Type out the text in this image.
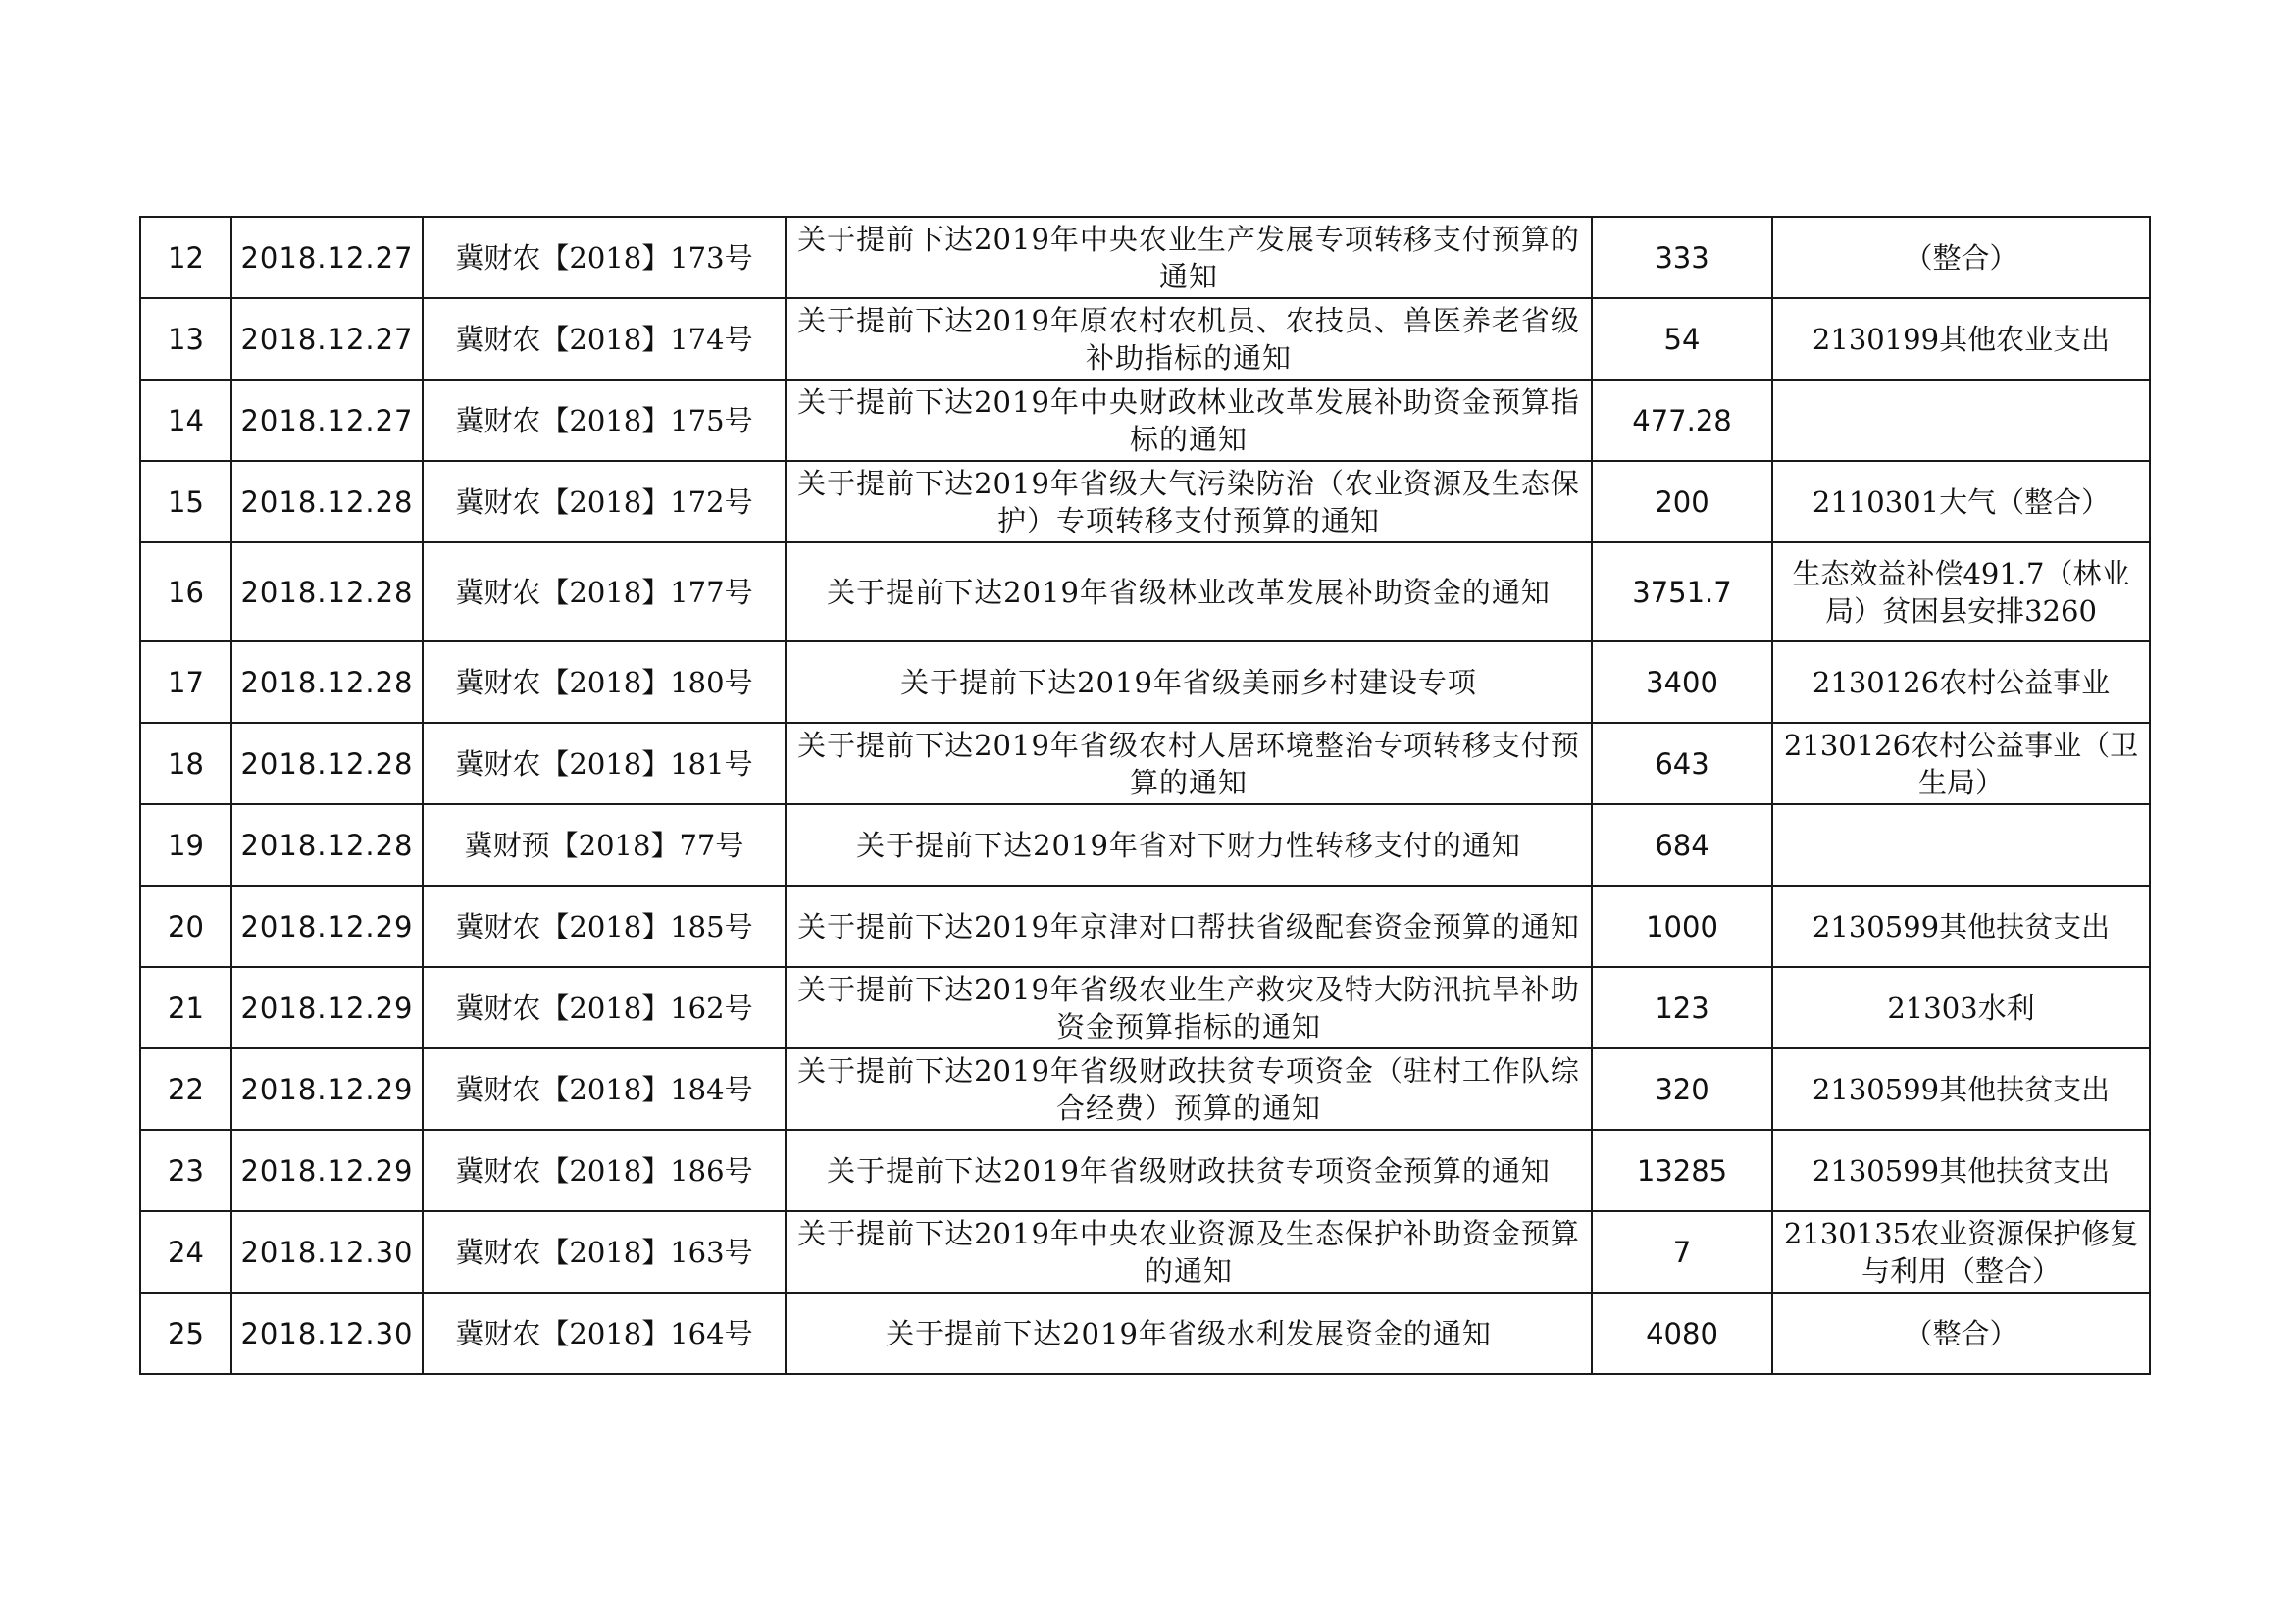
12	2018.12.27	冀财农【2018】173号	关于提前下达2019年中央农业生产发展专项转移支付预算的通知	333	（整合）
13	2018.12.27	冀财农【2018】174号	关于提前下达2019年原农村农机员、农技员、兽医养老省级补助指标的通知	54	2130199其他农业支出
14	2018.12.27	冀财农【2018】175号	关于提前下达2019年中央财政林业改革发展补助资金预算指标的通知	477.28	
15	2018.12.28	冀财农【2018】172号	关于提前下达2019年省级大气污染防治（农业资源及生态保护）专项转移支付预算的通知	200	2110301大气（整合）
16	2018.12.28	冀财农【2018】177号	关于提前下达2019年省级林业改革发展补助资金的通知	3751.7	生态效益补偿491.7（林业局）贫困县安排3260
17	2018.12.28	冀财农【2018】180号	关于提前下达2019年省级美丽乡村建设专项	3400	2130126农村公益事业
18	2018.12.28	冀财农【2018】181号	关于提前下达2019年省级农村人居环境整治专项转移支付预算的通知	643	2130126农村公益事业（卫生局）
19	2018.12.28	冀财预【2018】77号	关于提前下达2019年省对下财力性转移支付的通知	684	
20	2018.12.29	冀财农【2018】185号	关于提前下达2019年京津对口帮扶省级配套资金预算的通知	1000	2130599其他扶贫支出
21	2018.12.29	冀财农【2018】162号	关于提前下达2019年省级农业生产救灾及特大防汛抗旱补助资金预算指标的通知	123	21303水利
22	2018.12.29	冀财农【2018】184号	关于提前下达2019年省级财政扶贫专项资金（驻村工作队综合经费）预算的通知	320	2130599其他扶贫支出
23	2018.12.29	冀财农【2018】186号	关于提前下达2019年省级财政扶贫专项资金预算的通知	13285	2130599其他扶贫支出
24	2018.12.30	冀财农【2018】163号	关于提前下达2019年中央农业资源及生态保护补助资金预算的通知	7	2130135农业资源保护修复与利用（整合）
25	2018.12.30	冀财农【2018】164号	关于提前下达2019年省级水利发展资金的通知	4080	（整合）
